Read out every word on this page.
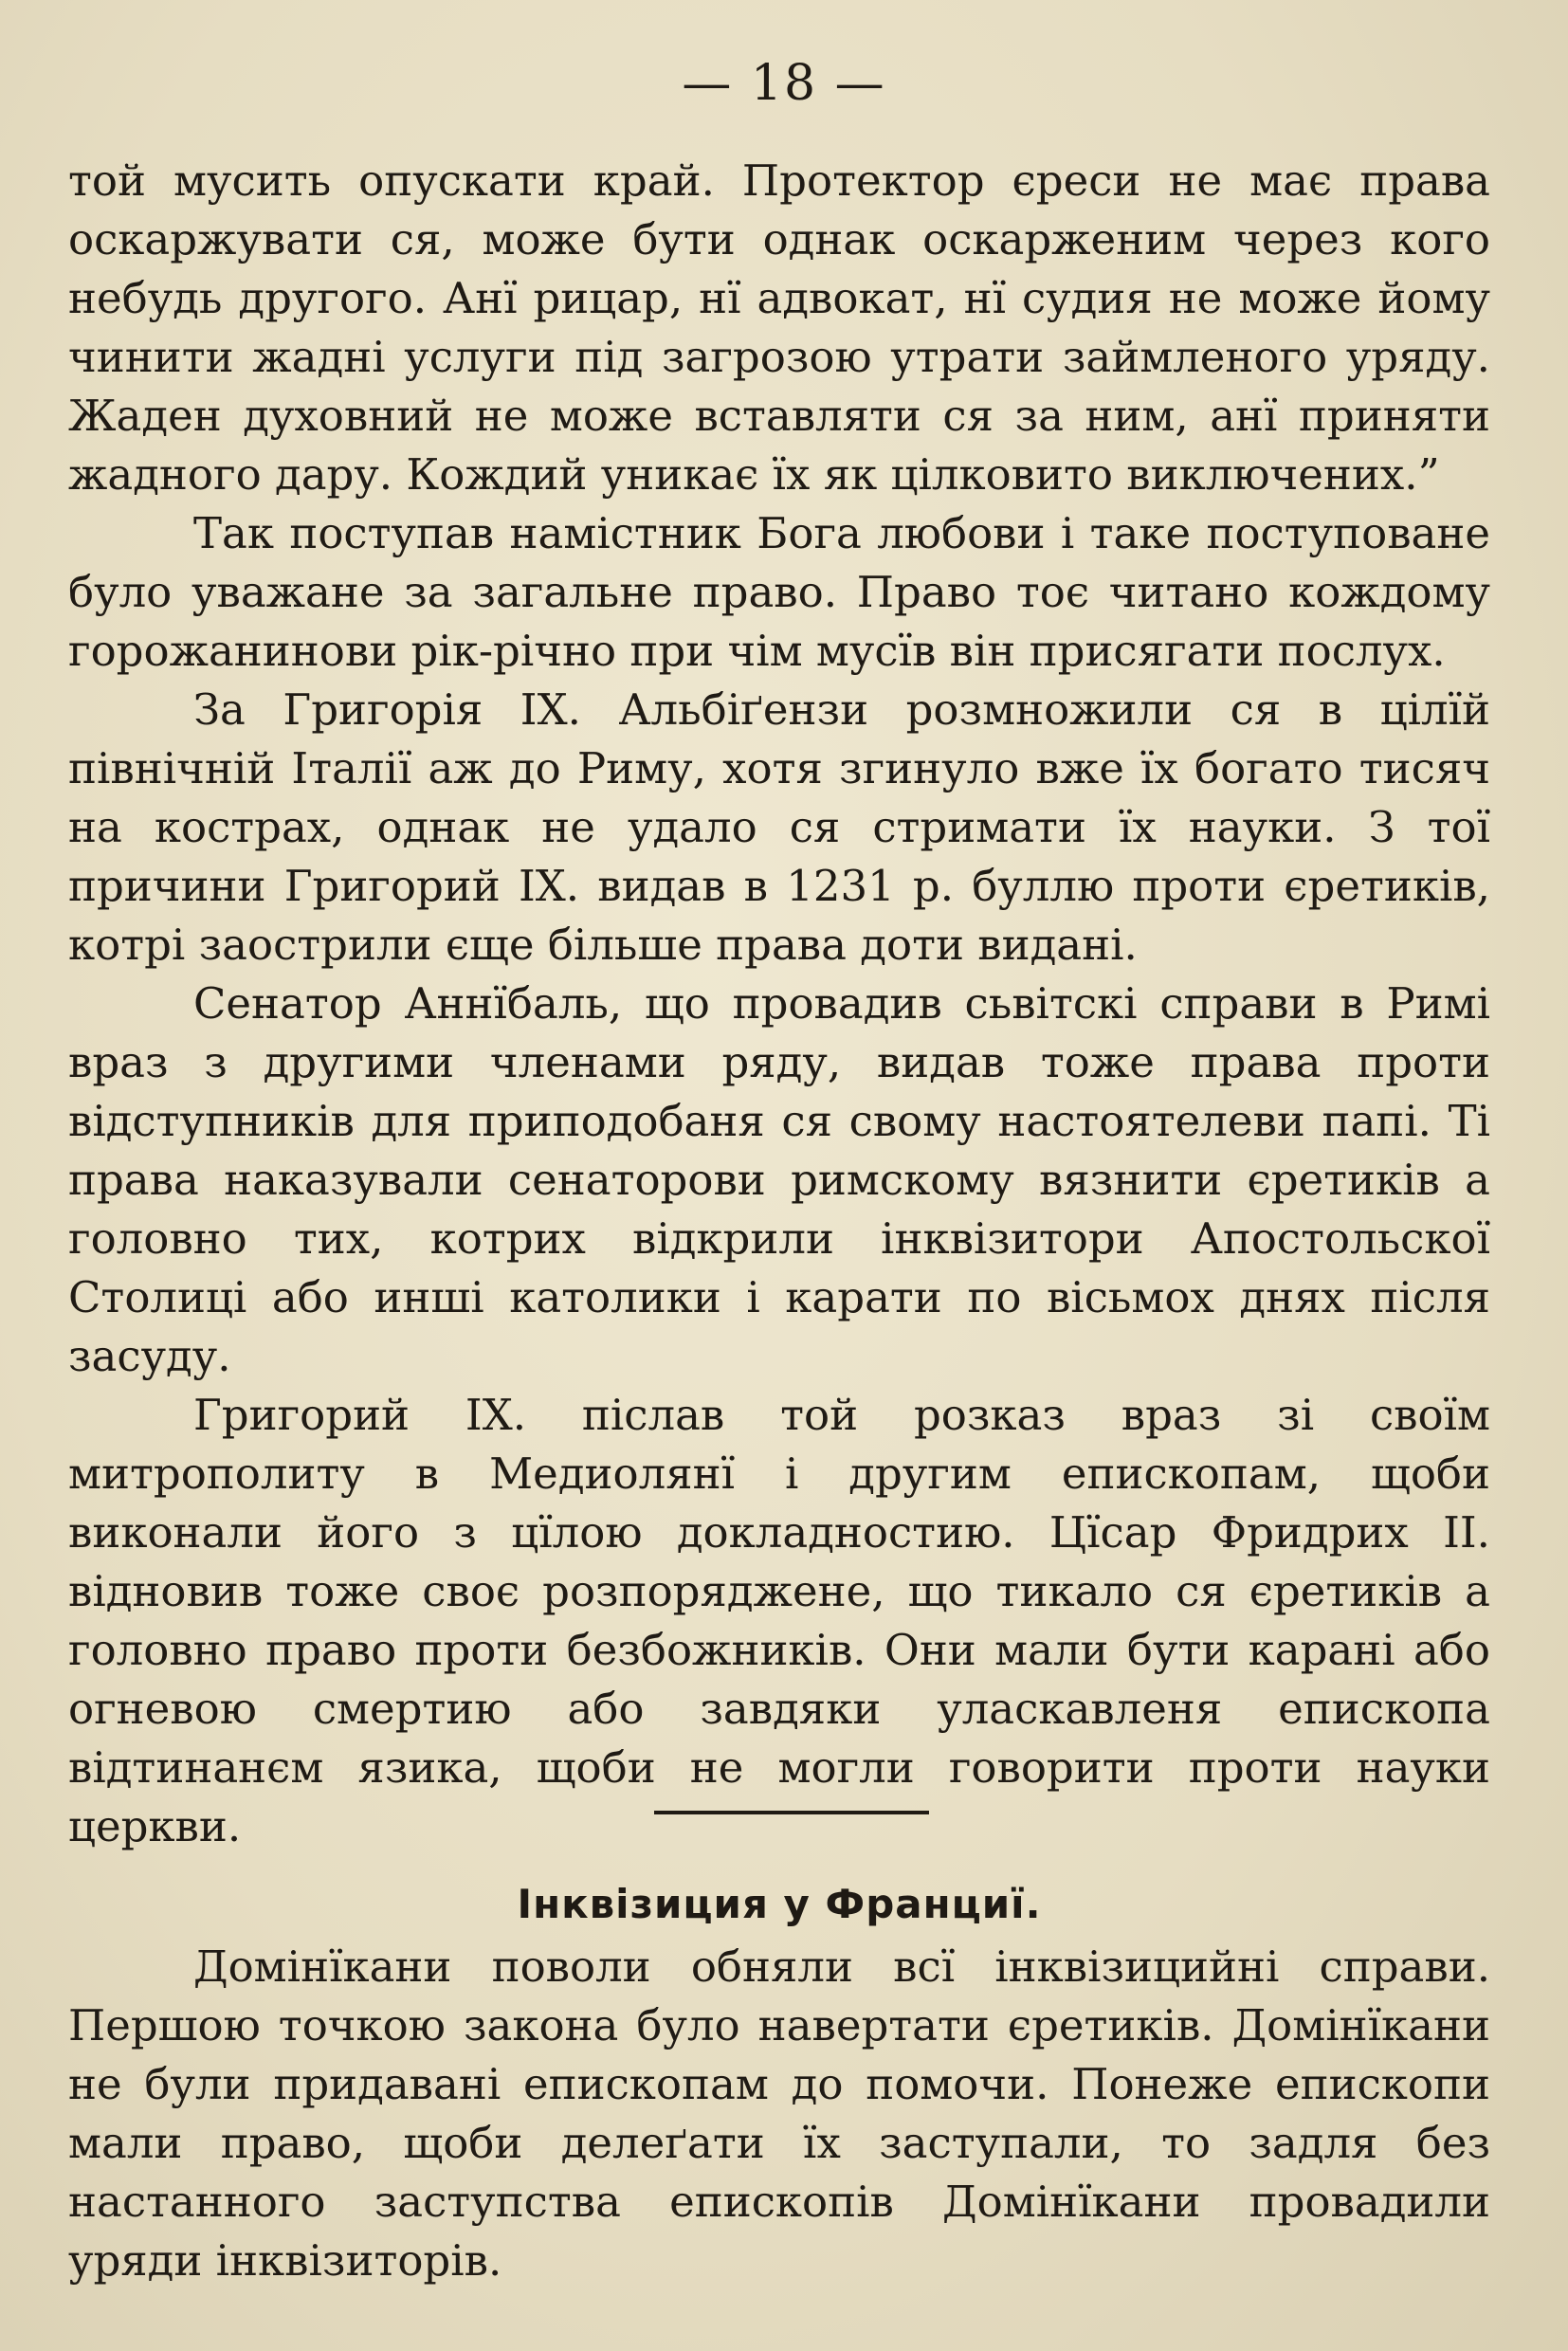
— 18 —

той мусить опускати край. Протектор єреси не має права оскаржувати ся, може бути однак оскарженим через кого небудь другого. Анї рицар, нї адвокат, нї судия не може йому чинити жадні услуги під загрозою утрати займленого уряду. Жаден духовний не може вставляти ся за ним, анї приняти жадного дару. Кождий уникає їх як цілковито виключених.”

Так поступав намістник Бога любови і таке поступоване було уважане за загальне право. Право тоє читано кождому горожанинови рік-річно при чім мусїв він присягати послух.

За Григорія IX. Альбіґензи розмножили ся в цілїй північній Італії аж до Риму, хотя згинуло вже їх богато тисяч на кострах, однак не удало ся стримати їх науки. З тої причини Григорий IX. видав в 1231 р. буллю проти єретиків, котрі заострили єще більше права доти видані.

Сенатор Аннїбаль, що провадив сьвітскі справи в Римі враз з другими членами ряду, видав тоже права проти відступників для приподобаня ся свому настоятелеви папі. Ті права наказували сенаторови римскому вязнити єретиків а головно тих, котрих відкрили інквізитори Апостольскої Столиці або инші католики і карати по вісьмох днях після засуду.

Григорий IX. післав той розказ враз зі своїм митрополиту в Медиолянї і другим епископам, щоби виконали його з цїлою докладностию. Цїсар Фридрих II. відновив тоже своє розпоряджене, що тикало ся єретиків а головно право проти безбожників. Они мали бути карані або огневою смертию або завдяки уласкавленя епископа відтинанєм язика, щоби не могли говорити проти науки церкви.

Інквізиция у Франциї.

Домінїкани поволи обняли всї інквізицийні справи. Першою точкою закона було навертати єретиків. Домінїкани не були придавані епископам до помочи. Понеже епископи мали право, щоби делеґати їх заступали, то задля без настанного заступства епископів Домінїкани провадили уряди інквізиторів.
